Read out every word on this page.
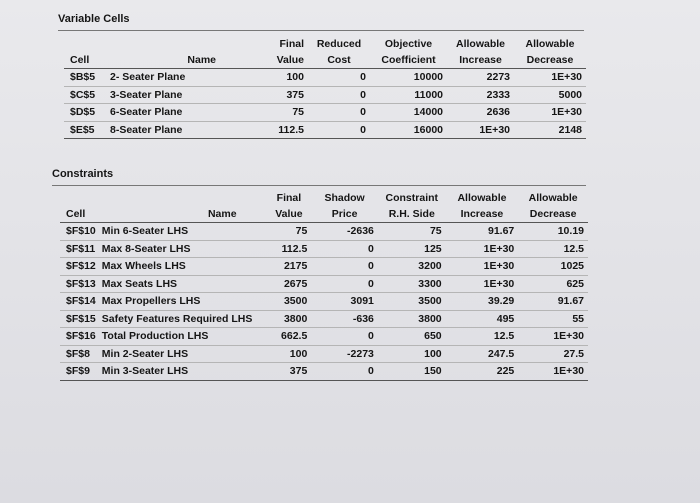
Variable Cells
		Final	Reduced	Objective	Allowable	Allowable
Cell	Name	Value	Cost	Coefficient	Increase	Decrease
$B$5	2- Seater Plane	100	0	10000	2273	1E+30
$C$5	3-Seater Plane	375	0	11000	2333	5000
$D$5	6-Seater Plane	75	0	14000	2636	1E+30
$E$5	8-Seater Plane	112.5	0	16000	1E+30	2148
Constraints
		Final	Shadow	Constraint	Allowable	Allowable
Cell	Name	Value	Price	R.H. Side	Increase	Decrease
$F$10	Min 6-Seater LHS	75	-2636	75	91.67	10.19
$F$11	Max 8-Seater LHS	112.5	0	125	1E+30	12.5
$F$12	Max Wheels LHS	2175	0	3200	1E+30	1025
$F$13	Max Seats LHS	2675	0	3300	1E+30	625
$F$14	Max Propellers LHS	3500	3091	3500	39.29	91.67
$F$15	Safety Features Required LHS	3800	-636	3800	495	55
$F$16	Total Production LHS	662.5	0	650	12.5	1E+30
$F$8	Min 2-Seater LHS	100	-2273	100	247.5	27.5
$F$9	Min 3-Seater LHS	375	0	150	225	1E+30
